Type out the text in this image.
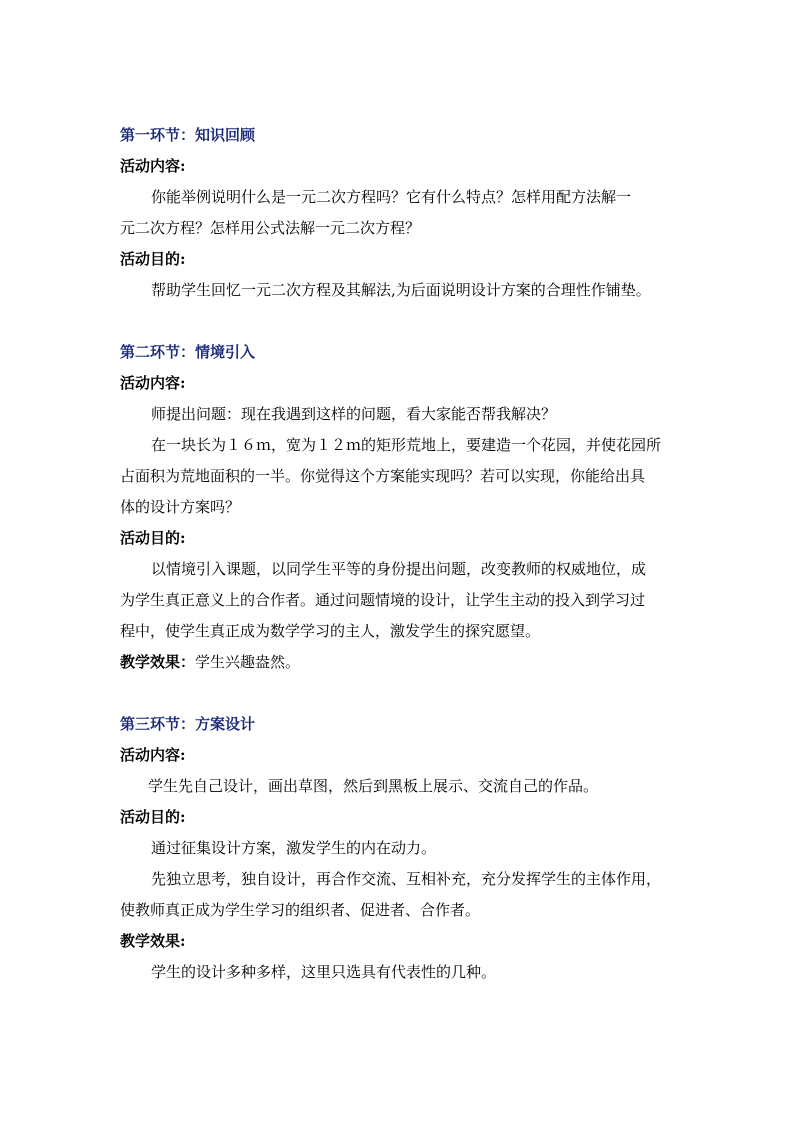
第一环节：知识回顾
活动内容:
你能举例说明什么是一元二次方程吗？它有什么特点？怎样用配方法解一
元二次方程？怎样用公式法解一元二次方程？
活动目的:
帮助学生回忆一元二次方程及其解法,为后面说明设计方案的合理性作铺垫。
第二环节：情境引入
活动内容:
师提出问题：现在我遇到这样的问题，看大家能否帮我解决？
在一块长为１６ｍ，宽为１２ｍ的矩形荒地上，要建造一个花园，并使花园所
占面积为荒地面积的一半。你觉得这个方案能实现吗？若可以实现，你能给出具
体的设计方案吗？
活动目的:
以情境引入课题，以同学生平等的身份提出问题，改变教师的权威地位，成
为学生真正意义上的合作者。通过问题情境的设计，让学生主动的投入到学习过
程中，使学生真正成为数学学习的主人，激发学生的探究愿望。
教学效果：学生兴趣盎然。
第三环节：方案设计
活动内容:
学生先自己设计，画出草图，然后到黑板上展示、交流自己的作品。
活动目的:
通过征集设计方案，激发学生的内在动力。
先独立思考，独自设计，再合作交流、互相补充，充分发挥学生的主体作用，
使教师真正成为学生学习的组织者、促进者、合作者。
教学效果:
学生的设计多种多样，这里只选具有代表性的几种。
